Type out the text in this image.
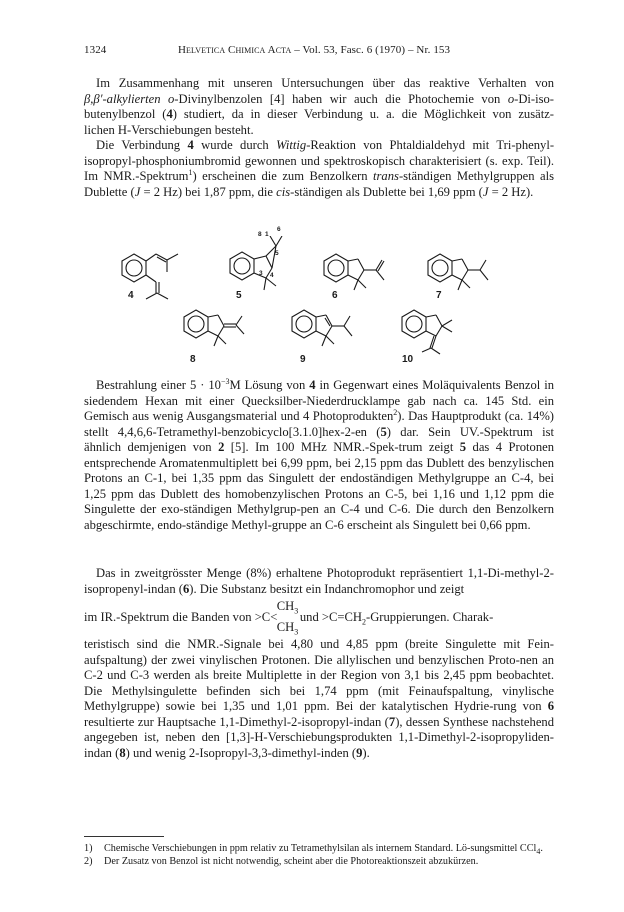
1324	Helvetica Chimica Acta – Vol. 53, Fasc. 6 (1970) – Nr. 153

Im Zusammenhang mit unseren Untersuchungen über das reaktive Verhalten von

β,β′-alkylierten o-Divinylbenzolen [4] haben wir auch die Photochemie von o-Di-iso-

butenylbenzol (4) studiert, da in dieser Verbindung u. a. die Möglichkeit von zusätz-

lichen H-Verschiebungen besteht.

Die Verbindung 4 wurde durch Wittig-Reaktion von Phtaldialdehyd mit Tri-phenyl-isopropyl-phosphoniumbromid gewonnen und spektroskopisch charakterisiert (s. exp. Teil). Im NMR.-Spektrum$^1$) erscheinen die zum Benzolkern trans-ständigen Methylgruppen als Dublette (J = 2 Hz) bei 1,87 ppm, die cis-ständigen als Dublette bei 1,69 ppm (J = 2 Hz).

4	5	6	7
8	9	10
8 1
6
5
3 4

Bestrahlung einer $5 \cdot 10^{-3}M$ Lösung von 4 in Gegenwart eines Moläquivalents Benzol in siedendem Hexan mit einer Quecksilber-Niederdrucklampe gab nach ca. 145 Std. ein Gemisch aus wenig Ausgangsmaterial und 4 Photoprodukten$^2$). Das Hauptprodukt (ca. 14%) stellt 4,4,6,6-Tetramethyl-benzobicyclo[3.1.0]hex-2-en (5) dar. Sein UV.-Spektrum ist ähnlich demjenigen von 2 [5]. Im 100 MHz NMR.-Spek-trum zeigt 5 das 4 Protonen entsprechende Aromatenmultiplett bei 6,99 ppm, bei 2,15 ppm das Dublett des benzylischen Protons an C-1, bei 1,35 ppm das Singulett der endoständigen Methylgruppe an C-4, bei 1,25 ppm das Dublett des homobenzylischen Protons an C-5, bei 1,16 und 1,12 ppm die Singulette der exo-ständigen Methylgrup-pen an C-4 und C-6. Die durch den Benzolkern abgeschirmte, endo-ständige Methyl-gruppe an C-6 erscheint als Singulett bei 0,66 ppm.

Das in zweitgrösster Menge (8%) erhaltene Photoprodukt repräsentiert 1,1-Di-methyl-2-isopropenyl-indan (6). Die Substanz besitzt ein Indanchromophor und zeigt

im IR.-Spektrum die Banden von >C<
$CH_3$
$CH_3$
und $>C=CH_2$-Gruppierungen. Charak-

teristisch sind die NMR.-Signale bei 4,80 und 4,85 ppm (breite Singulette mit Fein-aufspaltung) der zwei vinylischen Protonen. Die allylischen und benzylischen Proto-nen an C-2 und C-3 werden als breite Multiplette in der Region von 3,1 bis 2,45 ppm beobachtet. Die Methylsingulette befinden sich bei 1,74 ppm (mit Feinaufspaltung, vinylische Methylgruppe) sowie bei 1,35 und 1,01 ppm. Bei der katalytischen Hydrie-rung von 6 resultierte zur Hauptsache 1,1-Dimethyl-2-isopropyl-indan (7), dessen Synthese nachstehend angegeben ist, neben den [1,3]-H-Verschiebungsprodukten 1,1-Dimethyl-2-isopropyliden-indan (8) und wenig 2-Isopropyl-3,3-dimethyl-inden (9).

1)	Chemische Verschiebungen in ppm relativ zu Tetramethylsilan als internem Standard. Lö-sungsmittel CCl$_4$.
2)	Der Zusatz von Benzol ist nicht notwendig, scheint aber die Photoreaktionszeit abzukürzen.
